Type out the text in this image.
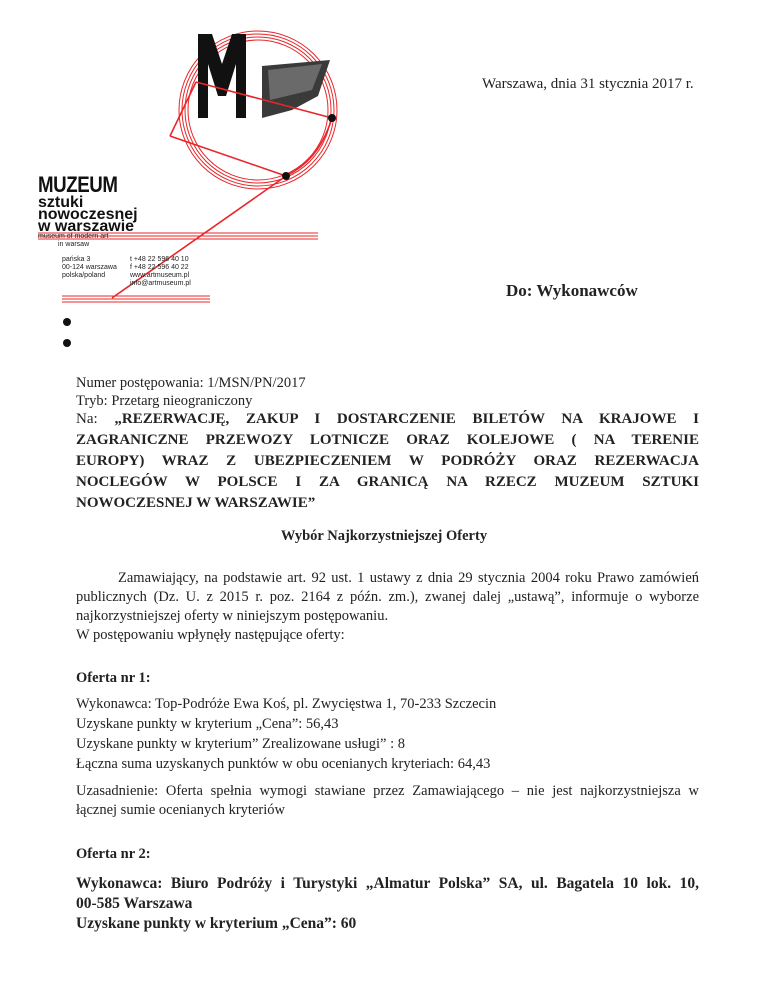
MUZEUM
sztuki
nowoczesnej
w warszawie
museum of modern art
in warsaw
pańska 3
00-124 warszawa
polska/poland
t +48 22 596 40 10
f +48 22 596 40 22
www.artmuseum.pl
info@artmuseum.pl
Warszawa, dnia 31 stycznia 2017 r.
Do: Wykonawców
Numer postępowania: 1/MSN/PN/2017
Tryb: Przetarg nieograniczony
Na: „REZERWACJĘ, ZAKUP I DOSTARCZENIE BILETÓW NA KRAJOWE I
ZAGRANICZNE PRZEWOZY LOTNICZE ORAZ KOLEJOWE ( NA TERENIE
EUROPY) WRAZ Z UBEZPIECZENIEM W PODRÓŻY ORAZ REZERWACJA
NOCLEGÓW W POLSCE I ZA GRANICĄ NA RZECZ MUZEUM SZTUKI
NOWOCZESNEJ W WARSZAWIE”
Wybór Najkorzystniejszej Oferty
Zamawiający, na podstawie art. 92 ust. 1 ustawy z dnia 29 stycznia 2004 roku Prawo zamówień
publicznych (Dz. U. z 2015 r. poz. 2164 z późn. zm.), zwanej dalej „ustawą”, informuje o wyborze
najkorzystniejszej oferty w niniejszym postępowaniu.
W postępowaniu wpłynęły następujące oferty:
Oferta nr 1:
Wykonawca: Top-Podróże Ewa Koś, pl. Zwycięstwa 1, 70-233 Szczecin
Uzyskane punkty w kryterium „Cena”: 56,43
Uzyskane punkty w kryterium” Zrealizowane usługi” : 8
Łączna suma uzyskanych punktów w obu ocenianych kryteriach: 64,43
Uzasadnienie: Oferta spełnia wymogi stawiane przez Zamawiającego – nie jest najkorzystniejsza w
łącznej sumie ocenianych kryteriów
Oferta nr 2:
Wykonawca: Biuro Podróży i Turystyki „Almatur Polska” SA, ul. Bagatela 10 lok. 10,
00-585 Warszawa
Uzyskane punkty w kryterium „Cena”: 60
